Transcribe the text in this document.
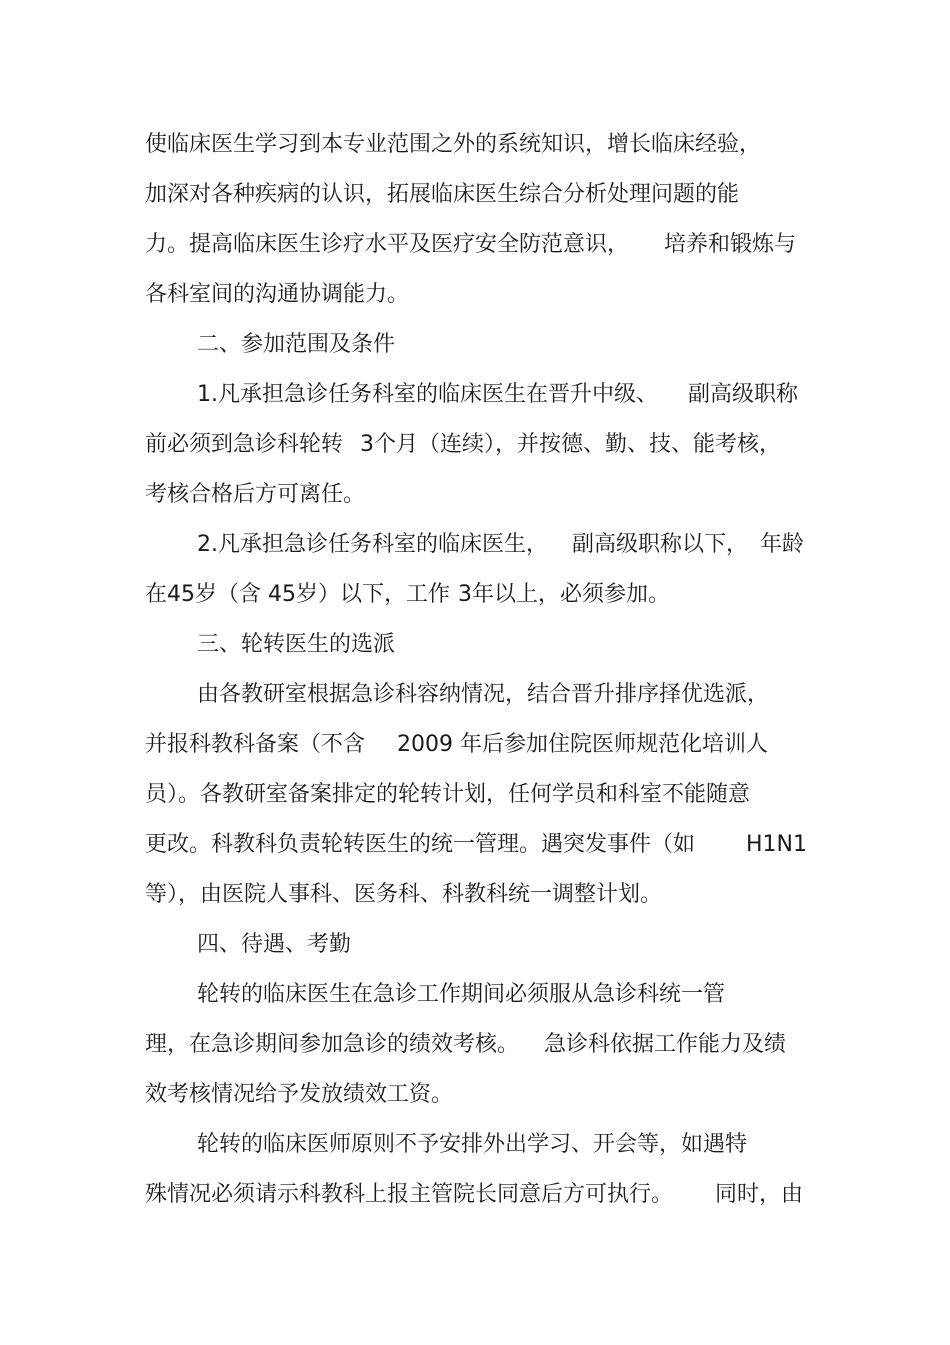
使临床医生学习到本专业范围之外的系统知识，增长临床经验，

加深对各种疾病的认识，拓展临床医生综合分析处理问题的能

力。提高临床医生诊疗水平及医疗安全防范意识，

培养和锻炼与

各科室间的沟通协调能力。

二、参加范围及条件

1.凡承担急诊任务科室的临床医生在晋升中级、

副高级职称

前必须到急诊科轮转

3个月（连续），并按德、勤、技、能考核，

考核合格后方可离任。

2.凡承担急诊任务科室的临床医生，

副高级职称以下，

年龄

在45岁（含 45岁）以下，工作

3年以上，必须参加。

三、轮转医生的选派

由各教研室根据急诊科容纳情况，结合晋升排序择优选派，

并报科教科备案（不含

2009 年后参加住院医师规范化培训人

员）。各教研室备案排定的轮转计划，任何学员和科室不能随意

更改。科教科负责轮转医生的统一管理。遇突发事件（如

H1N1

等），由医院人事科、医务科、科教科统一调整计划。

四、待遇、考勤

轮转的临床医生在急诊工作期间必须服从急诊科统一管

理，在急诊期间参加急诊的绩效考核。

急诊科依据工作能力及绩

效考核情况给予发放绩效工资。

轮转的临床医师原则不予安排外出学习、开会等，如遇特

殊情况必须请示科教科上报主管院长同意后方可执行。

同时，由
